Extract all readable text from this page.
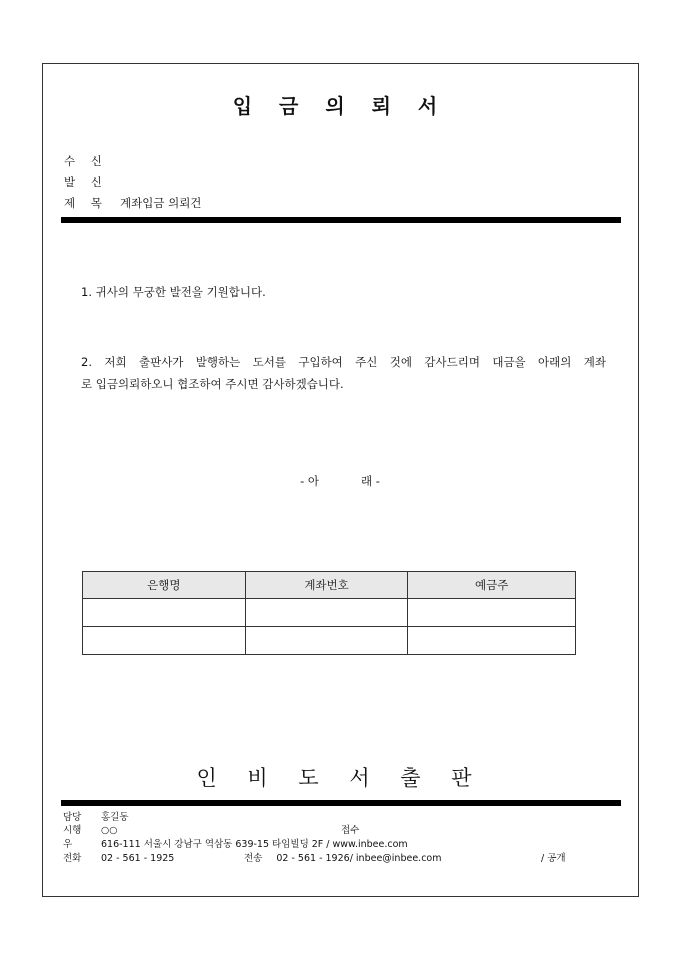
입 금 의 뢰 서
수 신
발 신
제 목 계좌입금 의뢰건
1. 귀사의 무궁한 발전을 기원합니다.
2. 저희 출판사가 발행하는 도서를 구입하여 주신 것에 감사드리며 대금을 아래의 계좌
로 입금의뢰하오니 협조하여 주시면 감사하겠습니다.
- 아	래 -
은행명	계좌번호	예금주

인 비 도 서 출 판
담당 홍길동
시행 ○○	접수
우	616-111 서울시 강남구 역삼동 639-15 타임빌딩 2F / www.inbee.com
전화 02 - 561 - 1925	전송 02 - 561 - 1926/ inbee@inbee.com	/ 공개
